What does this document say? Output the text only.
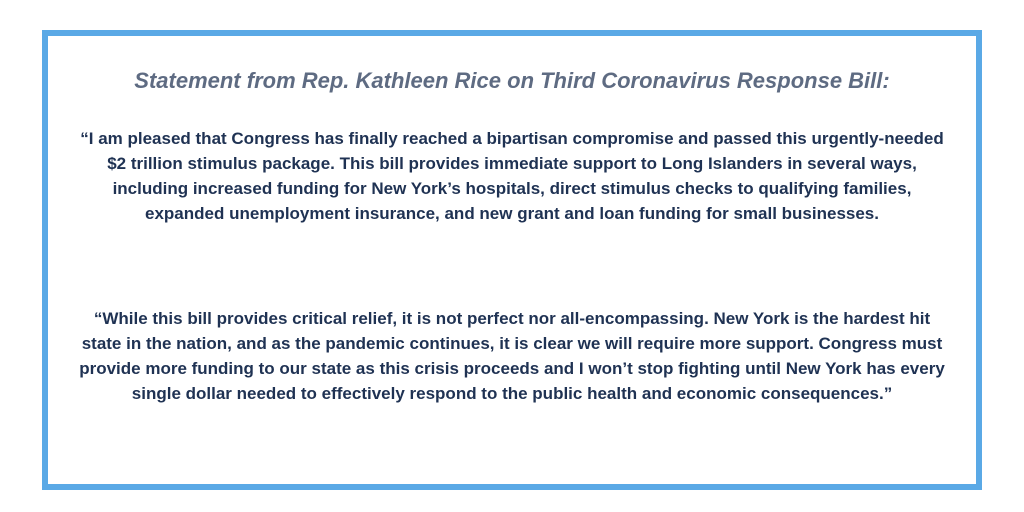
Statement from Rep. Kathleen Rice on Third Coronavirus Response Bill:
“I am pleased that Congress has finally reached a bipartisan compromise and passed this urgently-needed $2 trillion stimulus package. This bill provides immediate support to Long Islanders in several ways, including increased funding for New York’s hospitals, direct stimulus checks to qualifying families, expanded unemployment insurance, and new grant and loan funding for small businesses.
“While this bill provides critical relief, it is not perfect nor all-encompassing. New York is the hardest hit state in the nation, and as the pandemic continues, it is clear we will require more support. Congress must provide more funding to our state as this crisis proceeds and I won’t stop fighting until New York has every single dollar needed to effectively respond to the public health and economic consequences.”
